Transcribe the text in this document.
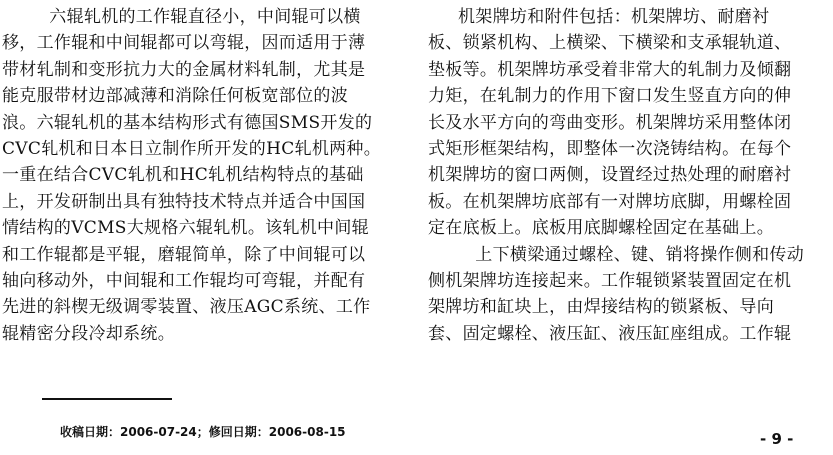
　六辊轧机的工作辊直径小，中间辊可以横
移，工作辊和中间辊都可以弯辊，因而适用于薄
带材轧制和变形抗力大的金属材料轧制，尤其是
能克服带材边部减薄和消除任何板宽部位的波
浪。六辊轧机的基本结构形式有德国SMS开发的
CVC轧机和日本日立制作所开发的HC轧机两种。
一重在结合CVC轧机和HC轧机结构特点的基础
上，开发研制出具有独特技术特点并适合中国国
情结构的VCMS大规格六辊轧机。该轧机中间辊
和工作辊都是平辊，磨辊简单，除了中间辊可以
轴向移动外，中间辊和工作辊均可弯辊，并配有
先进的斜楔无级调零装置、液压AGC系统、工作
辊精密分段冷却系统。
机架牌坊和附件包括：机架牌坊、耐磨衬
板、锁紧机构、上横梁、下横梁和支承辊轨道、
垫板等。机架牌坊承受着非常大的轧制力及倾翻
力矩，在轧制力的作用下窗口发生竖直方向的伸
长及水平方向的弯曲变形。机架牌坊采用整体闭
式矩形框架结构，即整体一次浇铸结构。在每个
机架牌坊的窗口两侧，设置经过热处理的耐磨衬
板。在机架牌坊底部有一对牌坊底脚，用螺栓固
定在底板上。底板用底脚螺栓固定在基础上。
　上下横梁通过螺栓、键、销将操作侧和传动
侧机架牌坊连接起来。工作辊锁紧装置固定在机
架牌坊和缸块上，由焊接结构的锁紧板、导向
套、固定螺栓、液压缸、液压缸座组成。工作辊
收稿日期：2006-07-24；修回日期：2006-08-15	- 9 -
